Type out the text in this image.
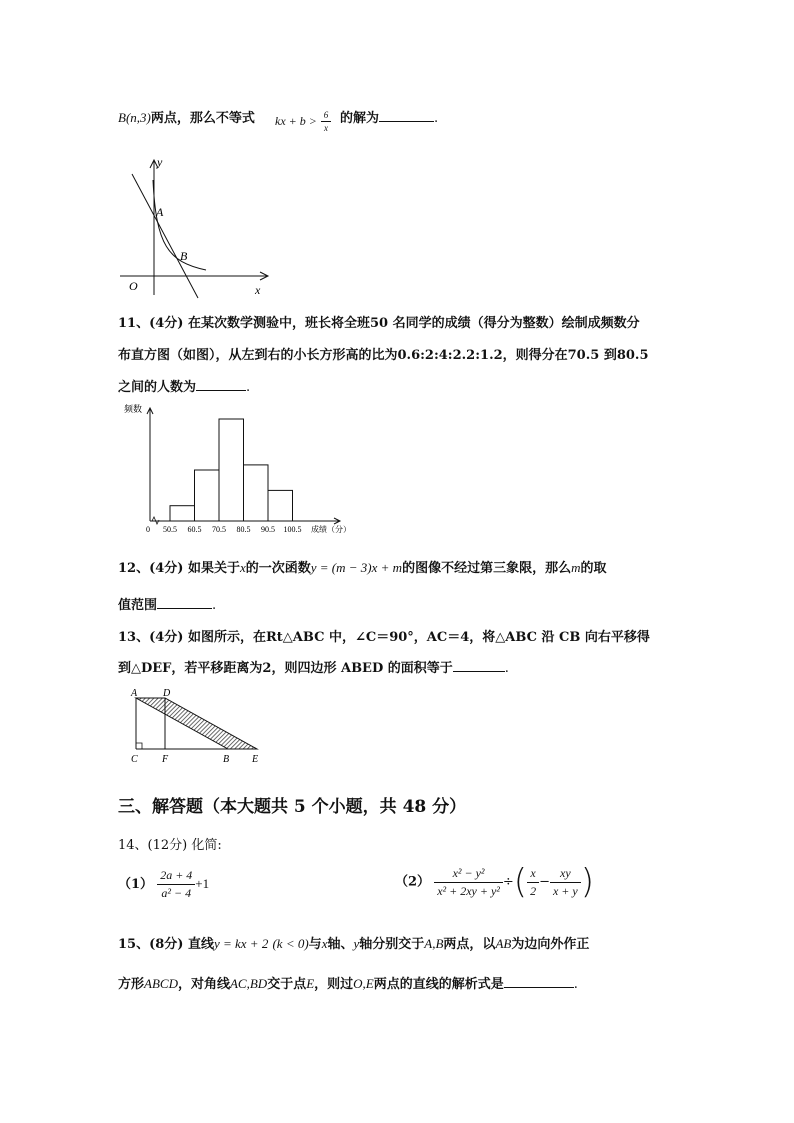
B(n,3)两点，那么不等式 kx + $b > \frac{6}{x}$ 的解为	.
y
A
B
O	x
11、(4分) 在某次数学测验中，班长将全班50 名同学的成绩（得分为整数）绘制成频数分
布直方图（如图），从左到右的小长方形高的比为0.6:2:4:2.2:1.2，则得分在70.5 到80.5
之间的人数为	.
频数
0 50.5 60.5 70.5 80.5 90.5 100.5 成绩（分）
12、(4分) 如果关于x的一次函数y = (m − 3)x + m的图像不经过第三象限，那么m的取
值范围	.
13、(4分) 如图所示，在Rt△ABC 中，∠C＝90°，AC＝4，将△ABC 沿 CB 向右平移得
到△DEF，若平移距离为2，则四边形 ABED 的面积等于	.
A	D
C F	B E
三、解答题（本大题共 5 个小题，共 48 分）
14、(12分) 化简:
$(1) \frac{2a + 4}{\text{a² − 4}} +1$	$(2) \frac{\text{x² − y²}}{\text{x² + 2xy + y²}}$ ÷( $\frac{x}{2} - \frac{xy}{x + y}$ )
15、(8分) 直线y = kx + 2 (k < 0)与x轴、y轴分别交于A,B两点，以AB为边向外作正
方形ABCD，对角线AC,BD交于点E，则过O,E两点的直线的解析式是	.
